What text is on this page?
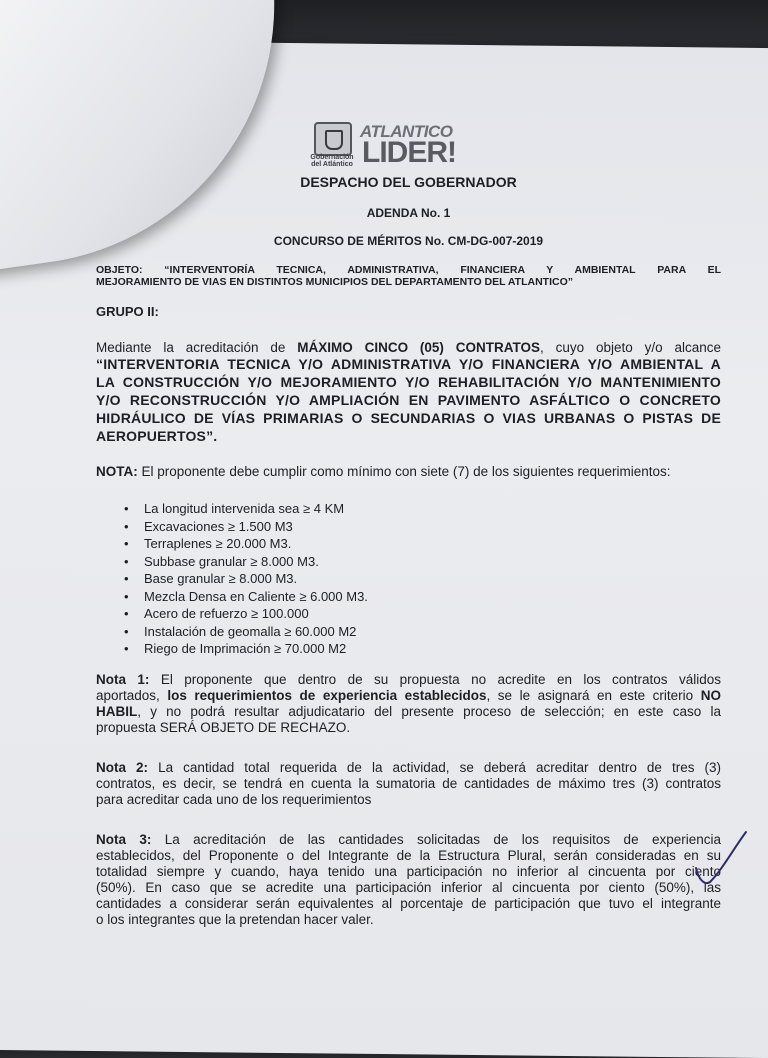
Gobernación del Atlántico
ATLANTICO
LIDER!
DESPACHO DEL GOBERNADOR
ADENDA No. 1
CONCURSO DE MÉRITOS No. CM-DG-007-2019
OBJETO: “INTERVENTORÍA TECNICA, ADMINISTRATIVA, FINANCIERA Y AMBIENTAL PARA EL
MEJORAMIENTO DE VIAS EN DISTINTOS MUNICIPIOS DEL DEPARTAMENTO DEL ATLANTICO”
GRUPO II:
Mediante la acreditación de MÁXIMO CINCO (05) CONTRATOS, cuyo objeto y/o alcance
“INTERVENTORIA TECNICA Y/O ADMINISTRATIVA Y/O FINANCIERA Y/O AMBIENTAL A
LA CONSTRUCCIÓN Y/O MEJORAMIENTO Y/O REHABILITACIÓN Y/O MANTENIMIENTO
Y/O RECONSTRUCCIÓN Y/O AMPLIACIÓN EN PAVIMENTO ASFÁLTICO O CONCRETO
HIDRÁULICO DE VÍAS PRIMARIAS O SECUNDARIAS O VIAS URBANAS O PISTAS DE
AEROPUERTOS”.
NOTA: El proponente debe cumplir como mínimo con siete (7) de los siguientes requerimientos:
• La longitud intervenida sea ≥ 4 KM
• Excavaciones ≥ 1.500 M3
• Terraplenes ≥ 20.000 M3.
• Subbase granular ≥ 8.000 M3.
• Base granular ≥ 8.000 M3.
• Mezcla Densa en Caliente ≥ 6.000 M3.
• Acero de refuerzo ≥ 100.000
• Instalación de geomalla ≥ 60.000 M2
• Riego de Imprimación ≥ 70.000 M2
Nota 1: El proponente que dentro de su propuesta no acredite en los contratos válidos
aportados, los requerimientos de experiencia establecidos, se le asignará en este criterio NO
HABIL, y no podrá resultar adjudicatario del presente proceso de selección; en este caso la
propuesta SERÁ OBJETO DE RECHAZO.
Nota 2: La cantidad total requerida de la actividad, se deberá acreditar dentro de tres (3)
contratos, es decir, se tendrá en cuenta la sumatoria de cantidades de máximo tres (3) contratos
para acreditar cada uno de los requerimientos
Nota 3: La acreditación de las cantidades solicitadas de los requisitos de experiencia
establecidos, del Proponente o del Integrante de la Estructura Plural, serán consideradas en su
totalidad siempre y cuando, haya tenido una participación no inferior al cincuenta por ciento
(50%). En caso que se acredite una participación inferior al cincuenta por ciento (50%), las
cantidades a considerar serán equivalentes al porcentaje de participación que tuvo el integrante
o los integrantes que la pretendan hacer valer.
